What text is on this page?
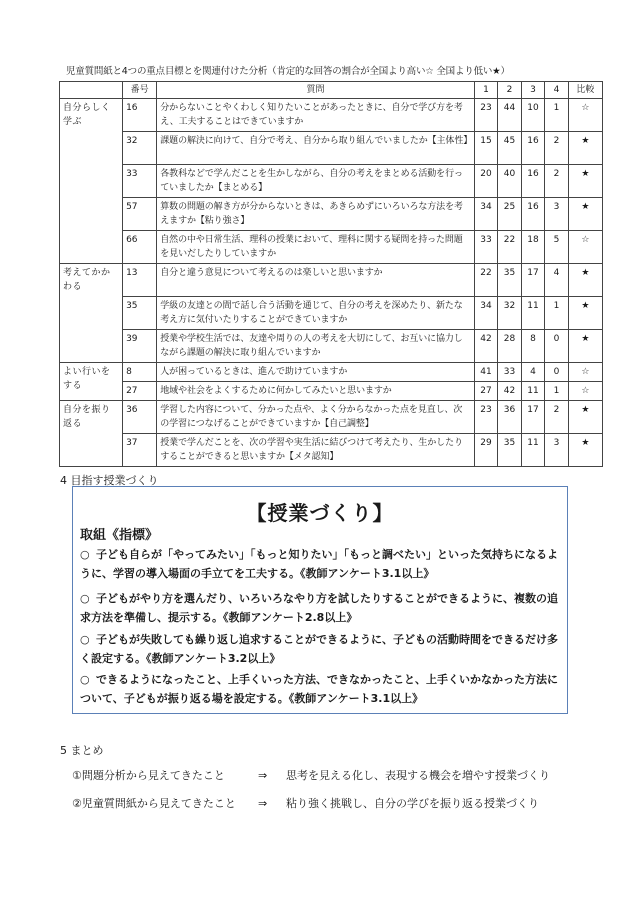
児童質問紙と4つの重点目標とを関連付けた分析（肯定的な回答の割合が全国より高い☆ 全国より低い★）
	番号	質問	1	2	3	4	比較
自分らしく学ぶ	16	分からないことやくわしく知りたいことがあったときに、自分で学び方を考え、工夫することはできていますか	23	44	10	1	☆
	32	課題の解決に向けて、自分で考え、自分から取り組んでいましたか【主体性】	15	45	16	2	★
	33	各教科などで学んだことを生かしながら、自分の考えをまとめる活動を行っていましたか【まとめる】	20	40	16	2	★
	57	算数の問題の解き方が分からないときは、あきらめずにいろいろな方法を考えますか【粘り強さ】	34	25	16	3	★
	66	自然の中や日常生活、理科の授業において、理科に関する疑問を持った問題を見いだしたりしていますか	33	22	18	5	☆
考えてかかわる	13	自分と違う意見について考えるのは楽しいと思いますか	22	35	17	4	★
	35	学級の友達との間で話し合う活動を通じて、自分の考えを深めたり、新たな考え方に気付いたりすることができていますか	34	32	11	1	★
	39	授業や学校生活では、友達や周りの人の考えを大切にして、お互いに協力しながら課題の解決に取り組んでいますか	42	28	8	0	★
よい行いをする	8	人が困っているときは、進んで助けていますか	41	33	4	0	☆
	27	地域や社会をよくするために何かしてみたいと思いますか	27	42	11	1	☆
自分を振り返る	36	学習した内容について、分かった点や、よく分からなかった点を見直し、次の学習につなげることができていますか【自己調整】	23	36	17	2	★
	37	授業で学んだことを、次の学習や実生活に結びつけて考えたり、生かしたりすることができると思いますか【メタ認知】	29	35	11	3	★
4 目指す授業づくり
【授業づくり】
取組《指標》
○ 子ども自らが「やってみたい」「もっと知りたい」「もっと調べたい」といった気持ちになるように、学習の導入場面の手立てを工夫する。《教師アンケート3.1以上》
○ 子どもがやり方を選んだり、いろいろなやり方を試したりすることができるように、複数の追求方法を準備し、提示する。《教師アンケート2.8以上》
○ 子どもが失敗しても繰り返し追求することができるように、子どもの活動時間をできるだけ多く設定する。《教師アンケート3.2以上》
○ できるようになったこと、上手くいった方法、できなかったこと、上手くいかなかった方法について、子どもが振り返る場を設定する。《教師アンケート3.1以上》
5 まとめ
①問題分析から見えてきたこと	⇒ 思考を見える化し、表現する機会を増やす授業づくり
②児童質問紙から見えてきたこと ⇒ 粘り強く挑戦し、自分の学びを振り返る授業づくり
